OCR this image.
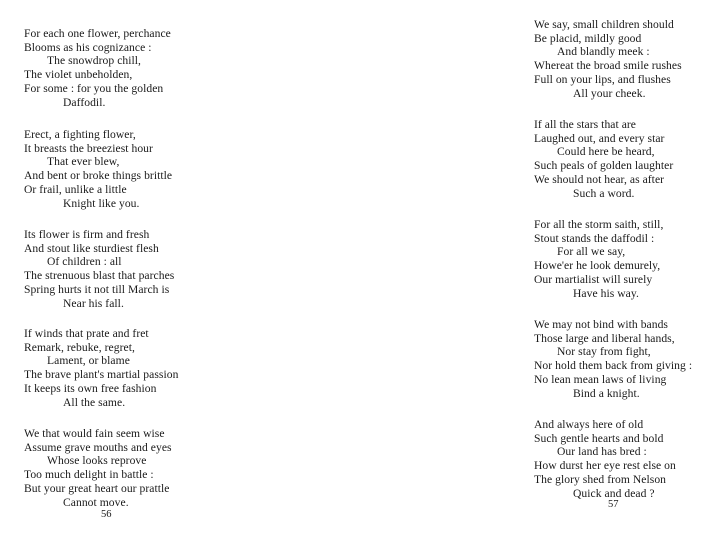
For each one flower, perchance
Blooms as his cognizance :
The snowdrop chill,
The violet unbeholden,
For some : for you the golden
Daffodil.
Erect, a fighting flower,
It breasts the breeziest hour
That ever blew,
And bent or broke things brittle
Or frail, unlike a little
Knight like you.
Its flower is firm and fresh
And stout like sturdiest flesh
Of children : all
The strenuous blast that parches
Spring hurts it not till March is
Near his fall.
If winds that prate and fret
Remark, rebuke, regret,
Lament, or blame
The brave plant's martial passion
It keeps its own free fashion
All the same.
We that would fain seem wise
Assume grave mouths and eyes
Whose looks reprove
Too much delight in battle :
But your great heart our prattle
Cannot move.
56
We say, small children should
Be placid, mildly good
And blandly meek :
Whereat the broad smile rushes
Full on your lips, and flushes
All your cheek.
If all the stars that are
Laughed out, and every star
Could here be heard,
Such peals of golden laughter
We should not hear, as after
Such a word.
For all the storm saith, still,
Stout stands the daffodil :
For all we say,
Howe'er he look demurely,
Our martialist will surely
Have his way.
We may not bind with bands
Those large and liberal hands,
Nor stay from fight,
Nor hold them back from giving :
No lean mean laws of living
Bind a knight.
And always here of old
Such gentle hearts and bold
Our land has bred :
How durst her eye rest else on
The glory shed from Nelson
Quick and dead ?
57
